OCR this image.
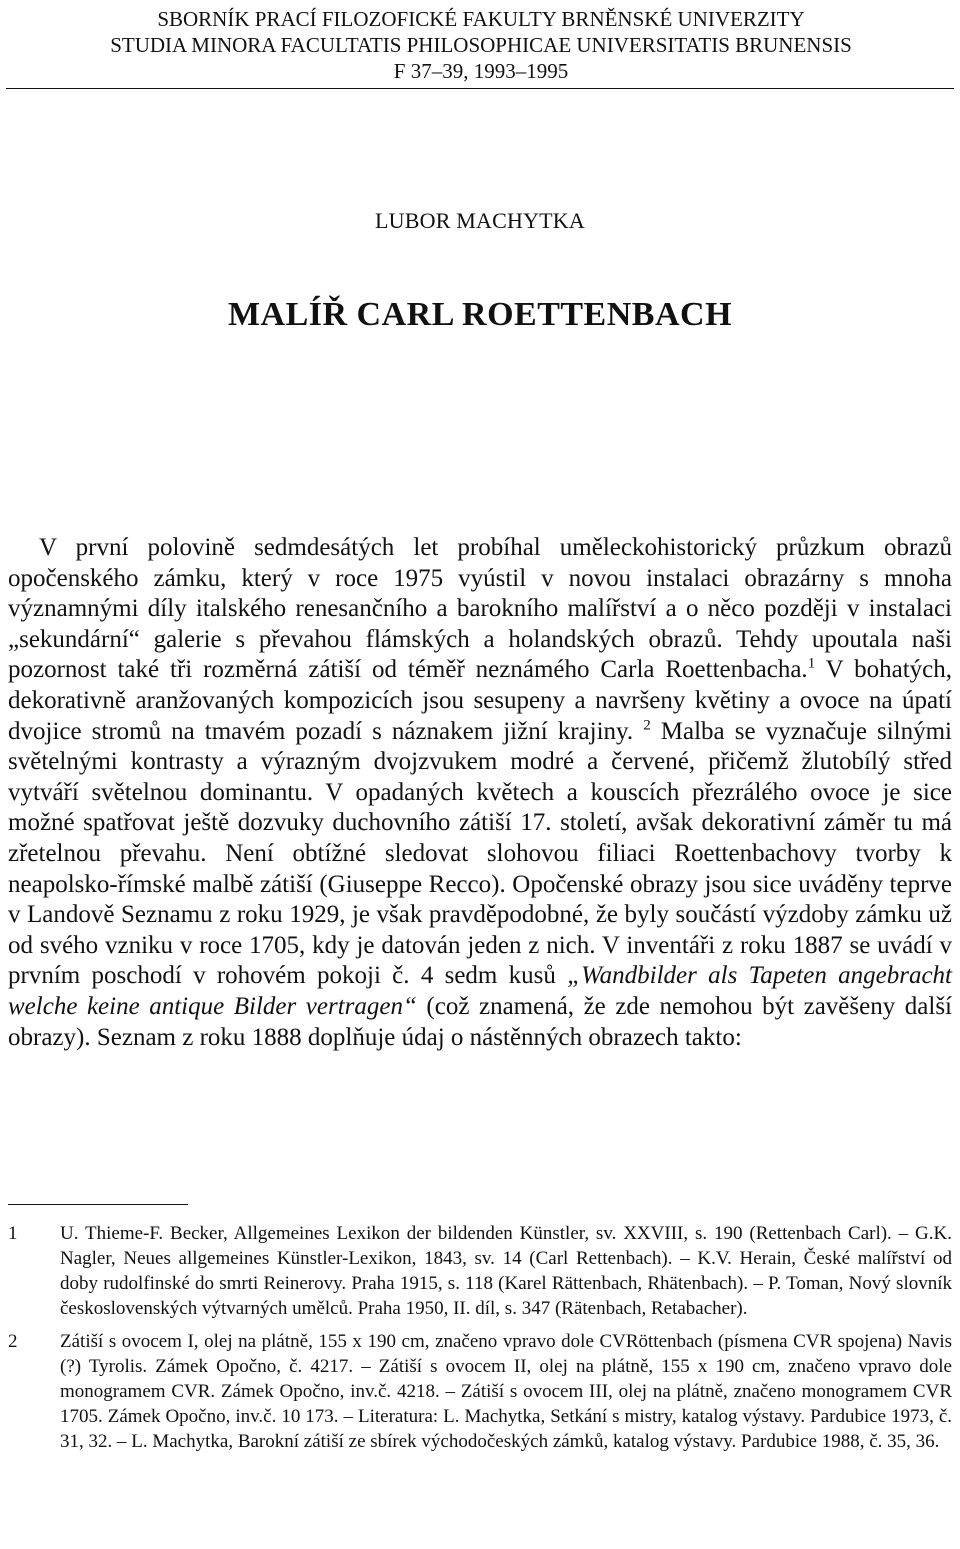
SBORNÍK PRACÍ FILOZOFICKÉ FAKULTY BRNĚNSKÉ UNIVERZITY
STUDIA MINORA FACULTATIS PHILOSOPHICAE UNIVERSITATIS BRUNENSIS
F 37–39, 1993–1995
LUBOR MACHYTKA
MALÍŘ CARL ROETTENBACH

V první polovině sedmdesátých let probíhal uměleckohistorický průzkum obrazů opočenského zámku, který v roce 1975 vyústil v novou instalaci obrazárny s mnoha významnými díly italského renesančního a barokního malířství a o něco později v instalaci „sekundární“ galerie s převahou flámských a holandských obrazů. Tehdy upoutala naši pozornost také tři rozměrná zátiší od téměř neznámého Carla Roettenbacha.$^1$ V bohatých, dekorativně aranžovaných kompozicích jsou sesupeny a navršeny květiny a ovoce na úpatí dvojice stromů na tmavém pozadí s náznakem jižní krajiny. $^2$ Malba se vyznačuje silnými světelnými kontrasty a výrazným dvojzvukem modré a červené, přičemž žlutobílý střed vytváří světelnou dominantu. V opadaných květech a kouscích přezrálého ovoce je sice možné spatřovat ještě dozvuky duchovního zátiší 17. století, avšak dekorativní záměr tu má zřetelnou převahu. Není obtížné sledovat slohovou filiaci Roettenbachovy tvorby k neapolsko-římské malbě zátiší (Giuseppe Recco). Opočenské obrazy jsou sice uváděny teprve v Landově Seznamu z roku 1929, je však pravděpodobné, že byly součástí výzdoby zámku už od svého vzniku v roce 1705, kdy je datován jeden z nich. V inventáři z roku 1887 se uvádí v prvním poschodí v rohovém pokoji č. 4 sedm kusů „Wandbilder als Tapeten angebracht welche keine antique Bilder vertragen“ (což znamená, že zde nemohou být zavěšeny další obrazy). Seznam z roku 1888 doplňuje údaj o nástěnných obrazech takto:

1	U. Thieme-F. Becker, Allgemeines Lexikon der bildenden Künstler, sv. XXVIII, s. 190 (Rettenbach Carl). – G.K. Nagler, Neues allgemeines Künstler-Lexikon, 1843, sv. 14 (Carl Rettenbach). – K.V. Herain, České malířství od doby rudolfinské do smrti Reinerovy. Praha 1915, s. 118 (Karel Rättenbach, Rhätenbach). – P. Toman, Nový slovník československých výtvarných umělců. Praha 1950, II. díl, s. 347 (Rätenbach, Retabacher).
2	Zátiší s ovocem I, olej na plátně, 155 x 190 cm, značeno vpravo dole CVRöttenbach (písmena CVR spojena) Navis (?) Tyrolis. Zámek Opočno, č. 4217. – Zátiší s ovocem II, olej na plátně, 155 x 190 cm, značeno vpravo dole monogramem CVR. Zámek Opočno, inv.č. 4218. – Zátiší s ovocem III, olej na plátně, značeno monogramem CVR 1705. Zámek Opočno, inv.č. 10 173. – Literatura: L. Machytka, Setkání s mistry, katalog výstavy. Pardubice 1973, č. 31, 32. – L. Machytka, Barokní zátiší ze sbírek východočeských zámků, katalog výstavy. Pardubice 1988, č. 35, 36.
